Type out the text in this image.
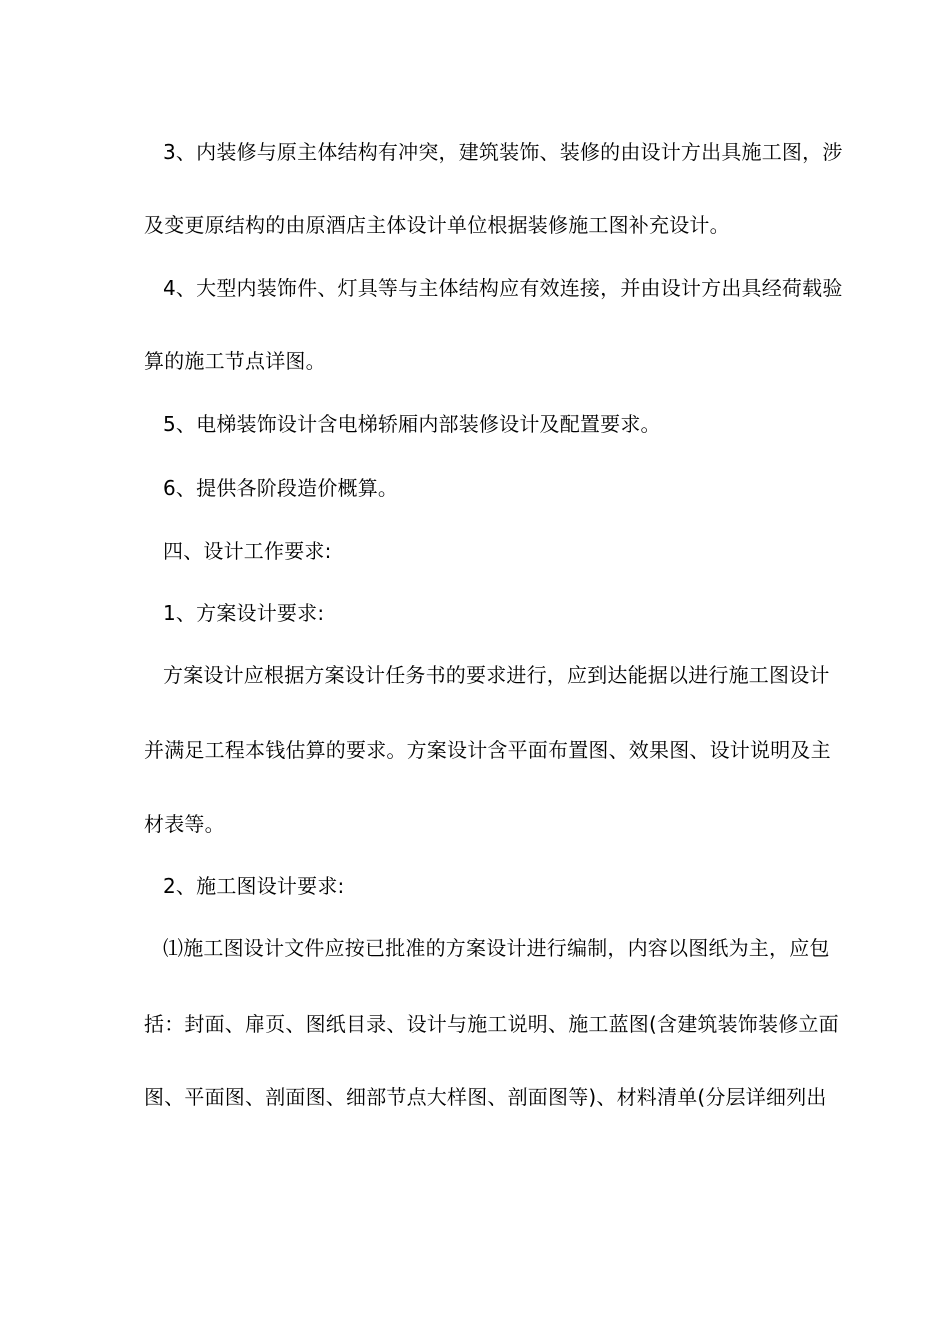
3、内装修与原主体结构有冲突，建筑装饰、装修的由设计方出具施工图，涉
及变更原结构的由原酒店主体设计单位根据装修施工图补充设计。
4、大型内装饰件、灯具等与主体结构应有效连接，并由设计方出具经荷载验
算的施工节点详图。
5、电梯装饰设计含电梯轿厢内部装修设计及配置要求。
6、提供各阶段造价概算。
四、设计工作要求:
1、方案设计要求:
方案设计应根据方案设计任务书的要求进行，应到达能据以进行施工图设计
并满足工程本钱估算的要求。方案设计含平面布置图、效果图、设计说明及主
材表等。
2、施工图设计要求:
⑴施工图设计文件应按已批准的方案设计进行编制，内容以图纸为主，应包
括：封面、扉页、图纸目录、设计与施工说明、施工蓝图(含建筑装饰装修立面
图、平面图、剖面图、细部节点大样图、剖面图等)、材料清单(分层详细列出
